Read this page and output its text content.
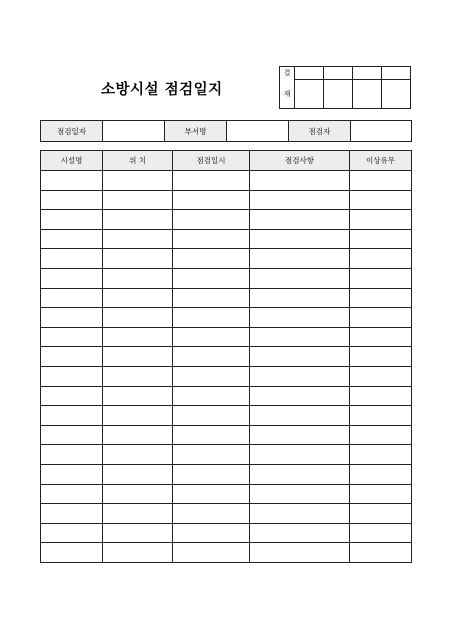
소방시설 점검일지
결				
재				
점검일자		부서명		점검자	
시설명	위 치	점검일시	점검사항	이상유무
